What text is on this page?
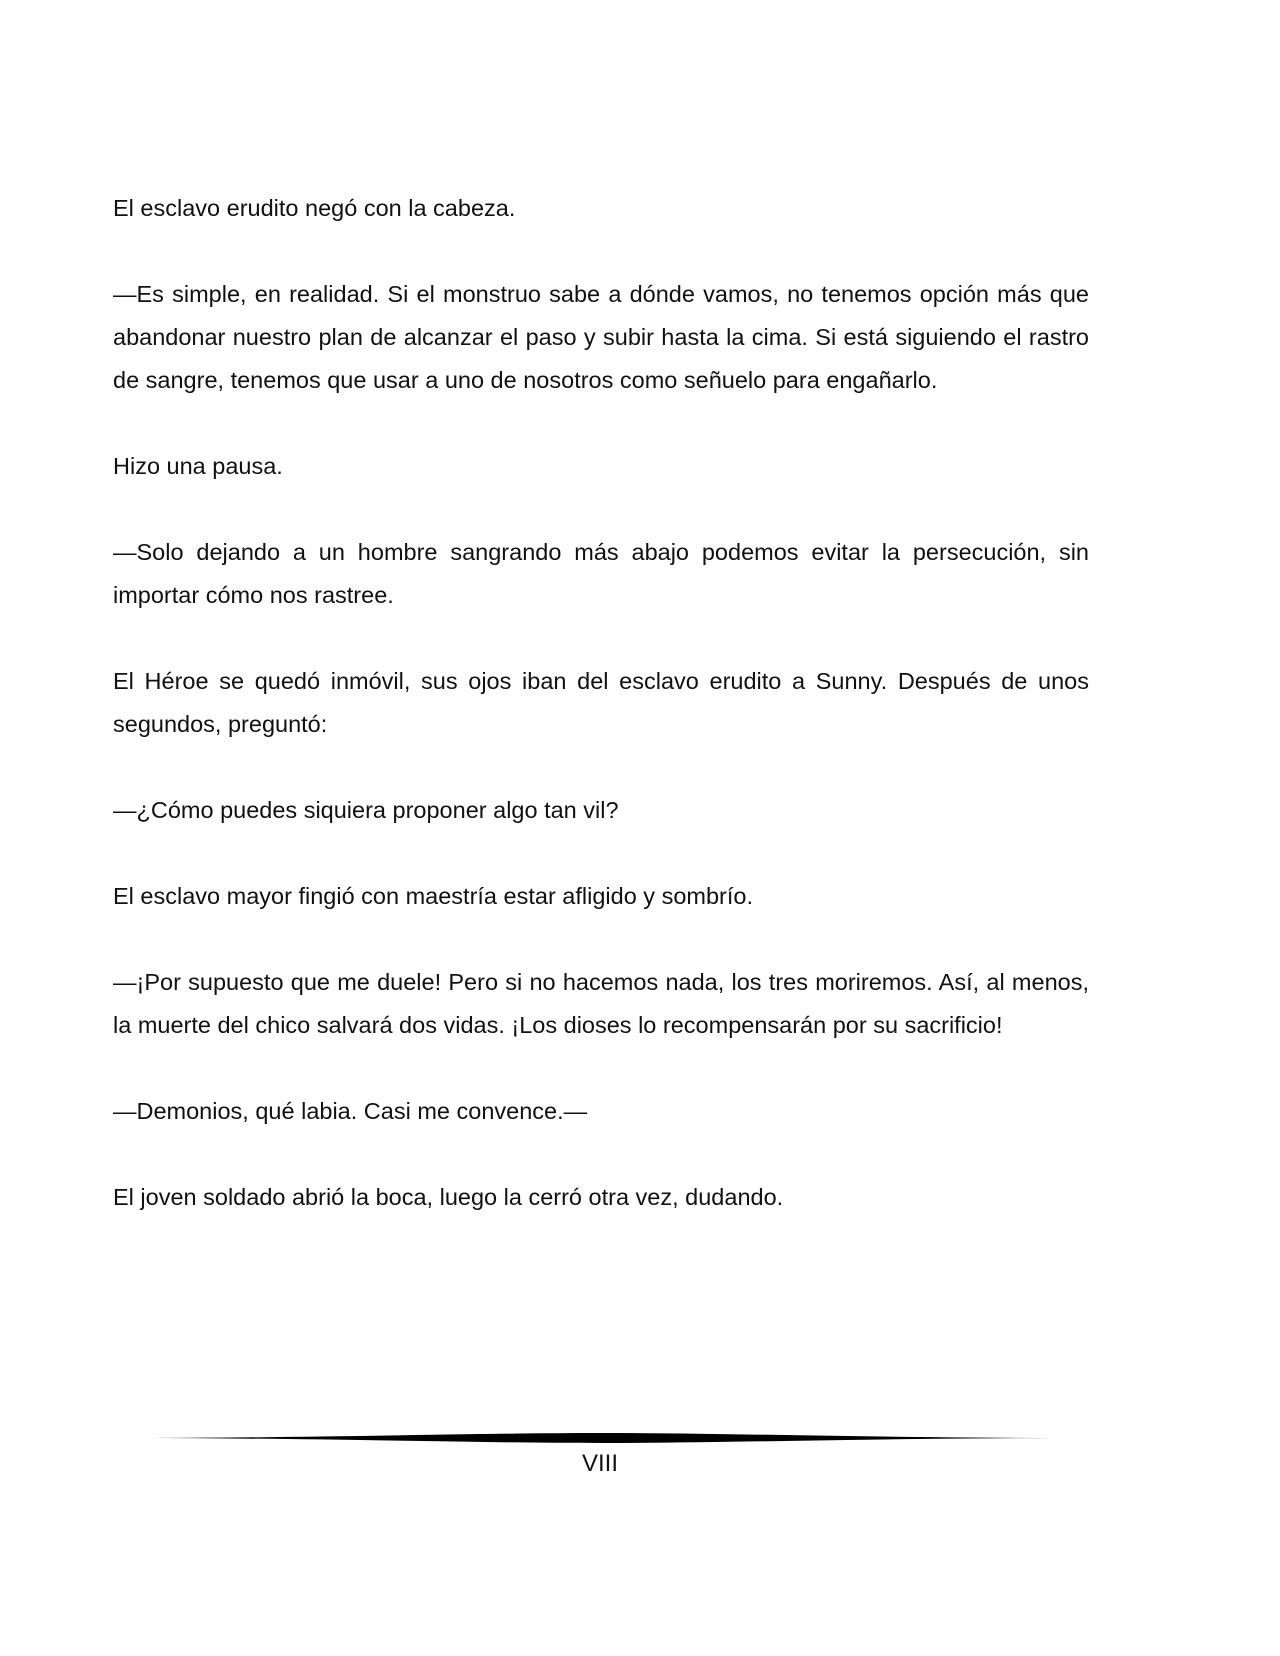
El esclavo erudito negó con la cabeza.

—Es simple, en realidad. Si el monstruo sabe a dónde vamos, no tenemos opción más que abandonar nuestro plan de alcanzar el paso y subir hasta la cima. Si está siguiendo el rastro de sangre, tenemos que usar a uno de nosotros como señuelo para engañarlo.

Hizo una pausa.

—Solo dejando a un hombre sangrando más abajo podemos evitar la persecución, sin importar cómo nos rastree.

El Héroe se quedó inmóvil, sus ojos iban del esclavo erudito a Sunny. Después de unos segundos, preguntó:

—¿Cómo puedes siquiera proponer algo tan vil?

El esclavo mayor fingió con maestría estar afligido y sombrío.

—¡Por supuesto que me duele! Pero si no hacemos nada, los tres moriremos. Así, al menos, la muerte del chico salvará dos vidas. ¡Los dioses lo recompensarán por su sacrificio!

—Demonios, qué labia. Casi me convence.—

El joven soldado abrió la boca, luego la cerró otra vez, dudando.

VIII
